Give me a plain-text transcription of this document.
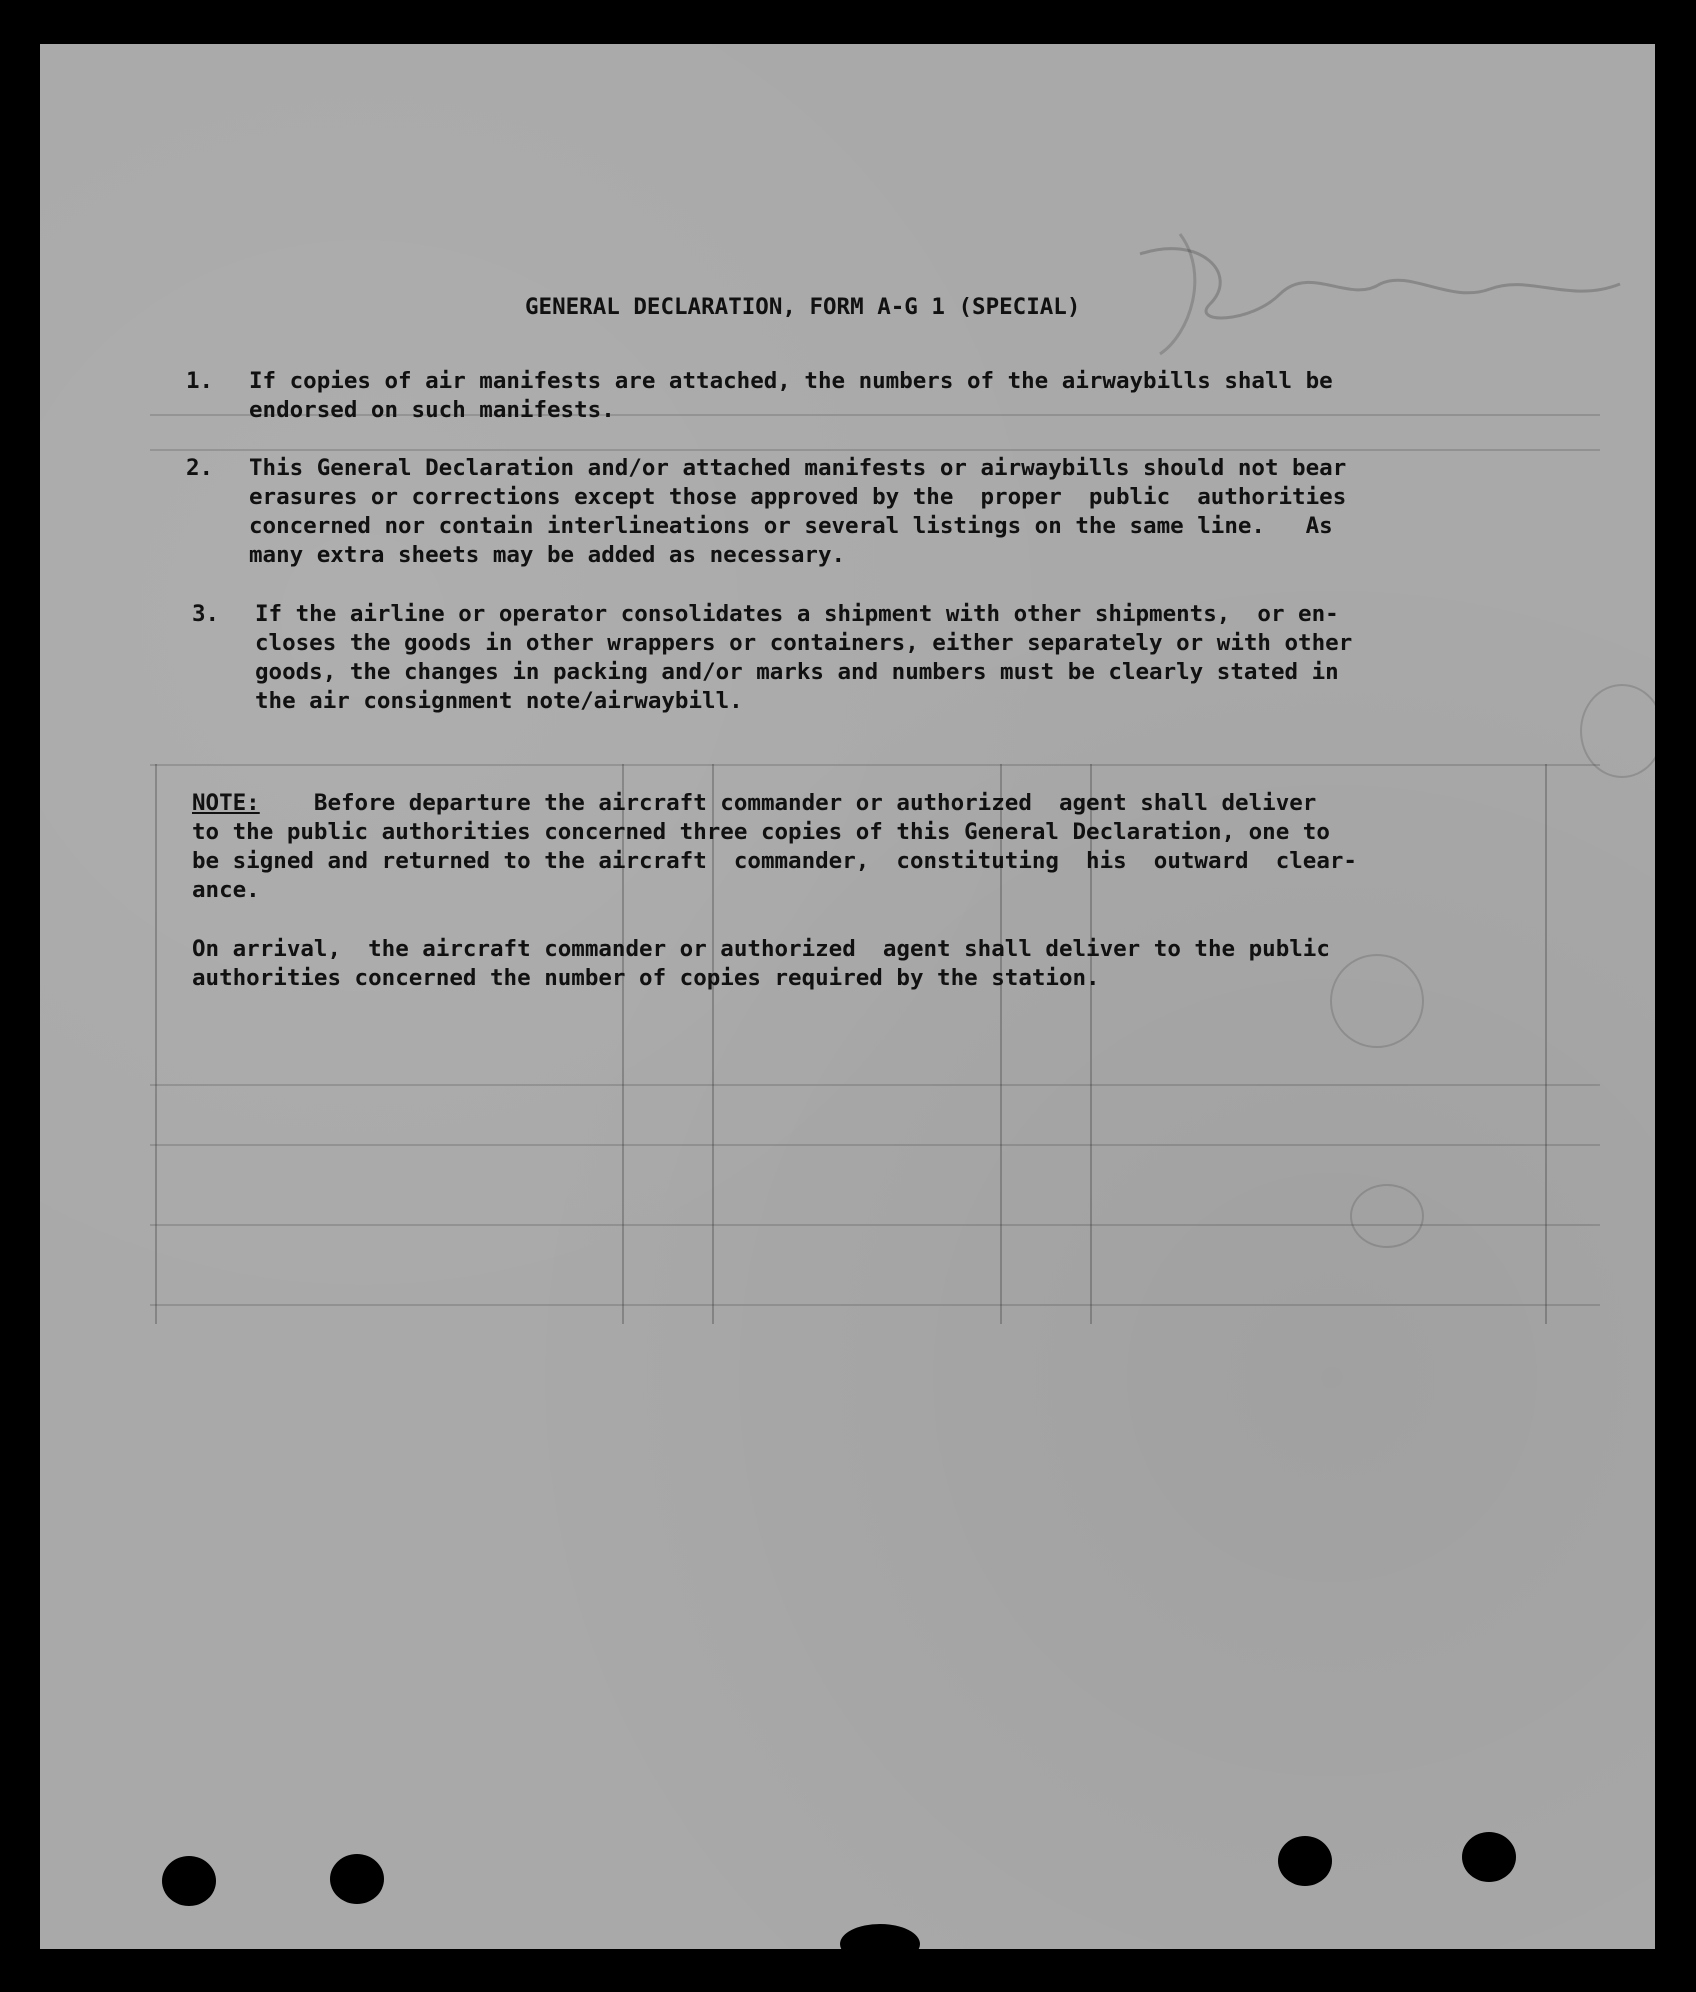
GENERAL DECLARATION, FORM A-G 1 (SPECIAL)
1. If copies of air manifests are attached, the numbers of the airwaybills shall be
endorsed on such manifests.
2. This General Declaration and/or attached manifests or airwaybills should not bear
erasures or corrections except those approved by the  proper  public  authorities
concerned nor contain interlineations or several listings on the same line.   As
many extra sheets may be added as necessary.
3. If the airline or operator consolidates a shipment with other shipments,  or en-
closes the goods in other wrappers or containers, either separately or with other
goods, the changes in packing and/or marks and numbers must be clearly stated in
the air consignment note/airwaybill.
NOTE:    Before departure the aircraft commander or authorized  agent shall deliver
to the public authorities concerned three copies of this General Declaration, one to
be signed and returned to the aircraft  commander,  constituting  his  outward  clear-
ance.
On arrival,  the aircraft commander or authorized  agent shall deliver to the public
authorities concerned the number of copies required by the station.
